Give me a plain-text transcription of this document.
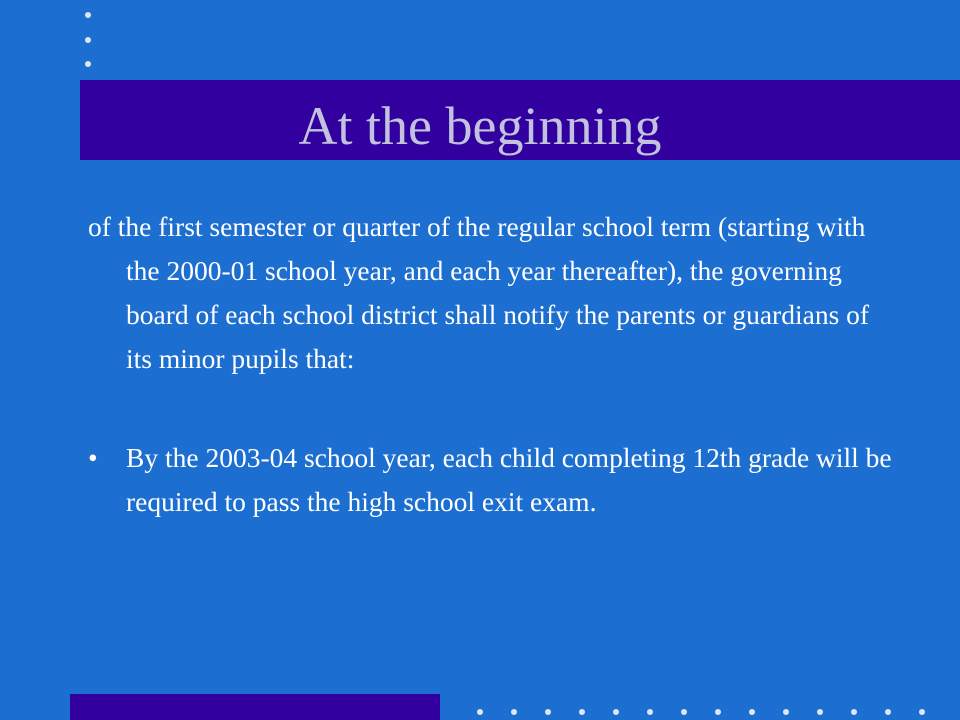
At the beginning

of the first semester or quarter of the regular school term (starting with the 2000-01 school year, and each year thereafter), the governing board of each school district shall notify the parents or guardians of its minor pupils that:

• By the 2003-04 school year, each child completing 12th grade will be required to pass the high school exit exam.
